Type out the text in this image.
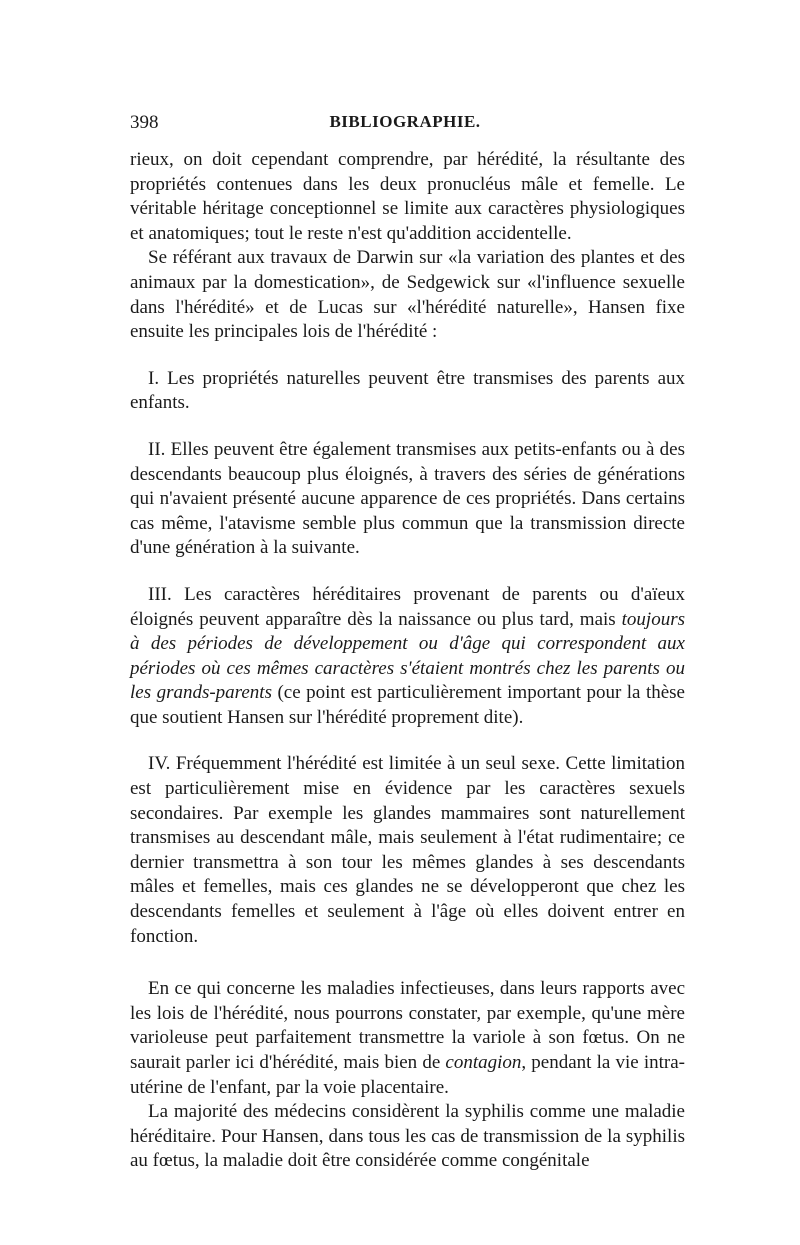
398	BIBLIOGRAPHIE.

rieux, on doit cependant comprendre, par hérédité, la résultante des propriétés contenues dans les deux pronucléus mâle et femelle. Le véritable héritage conceptionnel se limite aux caractères physiologiques et anatomiques; tout le reste n'est qu'addition accidentelle.

Se référant aux travaux de Darwin sur «la variation des plantes et des animaux par la domestication», de Sedgewick sur «l'influence sexuelle dans l'hérédité» et de Lucas sur «l'hérédité naturelle», Hansen fixe ensuite les principales lois de l'hérédité :

I. Les propriétés naturelles peuvent être transmises des parents aux enfants.

II. Elles peuvent être également transmises aux petits-enfants ou à des descendants beaucoup plus éloignés, à travers des séries de générations qui n'avaient présenté aucune apparence de ces propriétés. Dans certains cas même, l'atavisme semble plus commun que la transmission directe d'une génération à la suivante.

III. Les caractères héréditaires provenant de parents ou d'aïeux éloignés peuvent apparaître dès la naissance ou plus tard, mais toujours à des périodes de développement ou d'âge qui correspondent aux périodes où ces mêmes caractères s'étaient montrés chez les parents ou les grands-parents (ce point est particulièrement important pour la thèse que soutient Hansen sur l'hérédité proprement dite).

IV. Fréquemment l'hérédité est limitée à un seul sexe. Cette limitation est particulièrement mise en évidence par les caractères sexuels secondaires. Par exemple les glandes mammaires sont naturellement transmises au descendant mâle, mais seulement à l'état rudimentaire; ce dernier transmettra à son tour les mêmes glandes à ses descendants mâles et femelles, mais ces glandes ne se développeront que chez les descendants femelles et seulement à l'âge où elles doivent entrer en fonction.

En ce qui concerne les maladies infectieuses, dans leurs rapports avec les lois de l'hérédité, nous pourrons constater, par exemple, qu'une mère varioleuse peut parfaitement transmettre la variole à son fœtus. On ne saurait parler ici d'hérédité, mais bien de contagion, pendant la vie intra-utérine de l'enfant, par la voie placentaire.

La majorité des médecins considèrent la syphilis comme une maladie héréditaire. Pour Hansen, dans tous les cas de transmission de la syphilis au fœtus, la maladie doit être considérée comme congénitale
